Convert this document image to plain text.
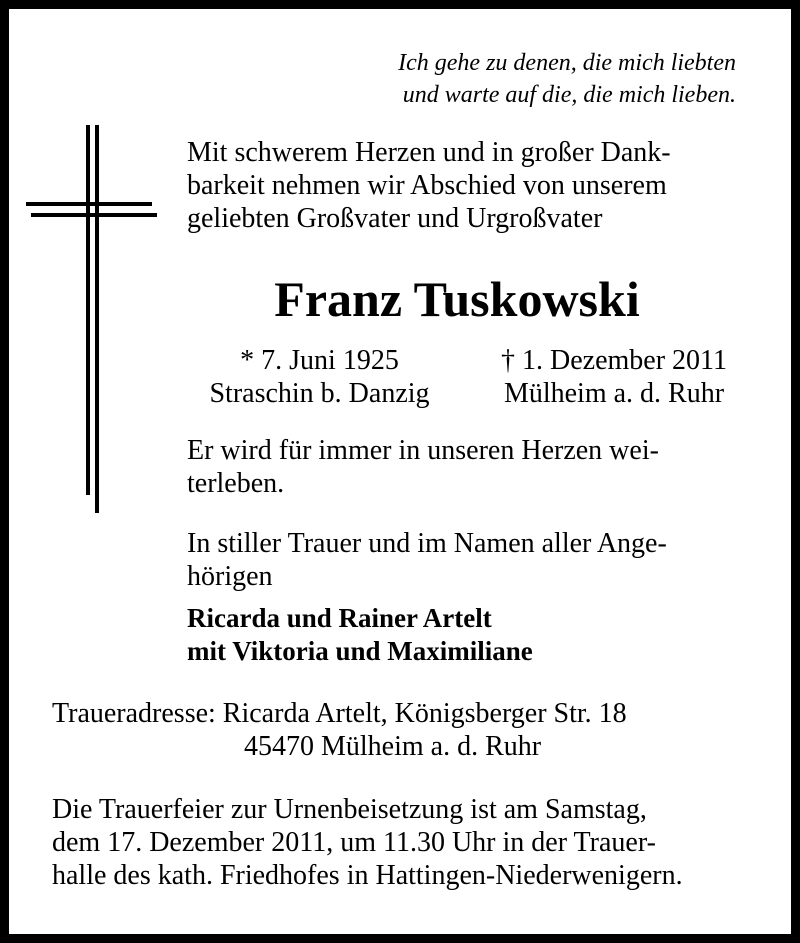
Ich gehe zu denen, die mich liebten
und warte auf die, die mich lieben.
Mit schwerem Herzen und in großer Dank-
barkeit nehmen wir Abschied von unserem
geliebten Großvater und Urgroßvater
Franz Tuskowski
* 7. Juni 1925
Straschin b. Danzig
† 1. Dezember 2011
Mülheim a. d. Ruhr
Er wird für immer in unseren Herzen wei-
terleben.
In stiller Trauer und im Namen aller Ange-
hörigen
Ricarda und Rainer Artelt
mit Viktoria und Maximiliane
Traueradresse: Ricarda Artelt, Königsberger Str. 18
45470 Mülheim a. d. Ruhr
Die Trauerfeier zur Urnenbeisetzung ist am Samstag,
dem 17. Dezember 2011, um 11.30 Uhr in der Trauer-
halle des kath. Friedhofes in Hattingen-Niederwenigern.
